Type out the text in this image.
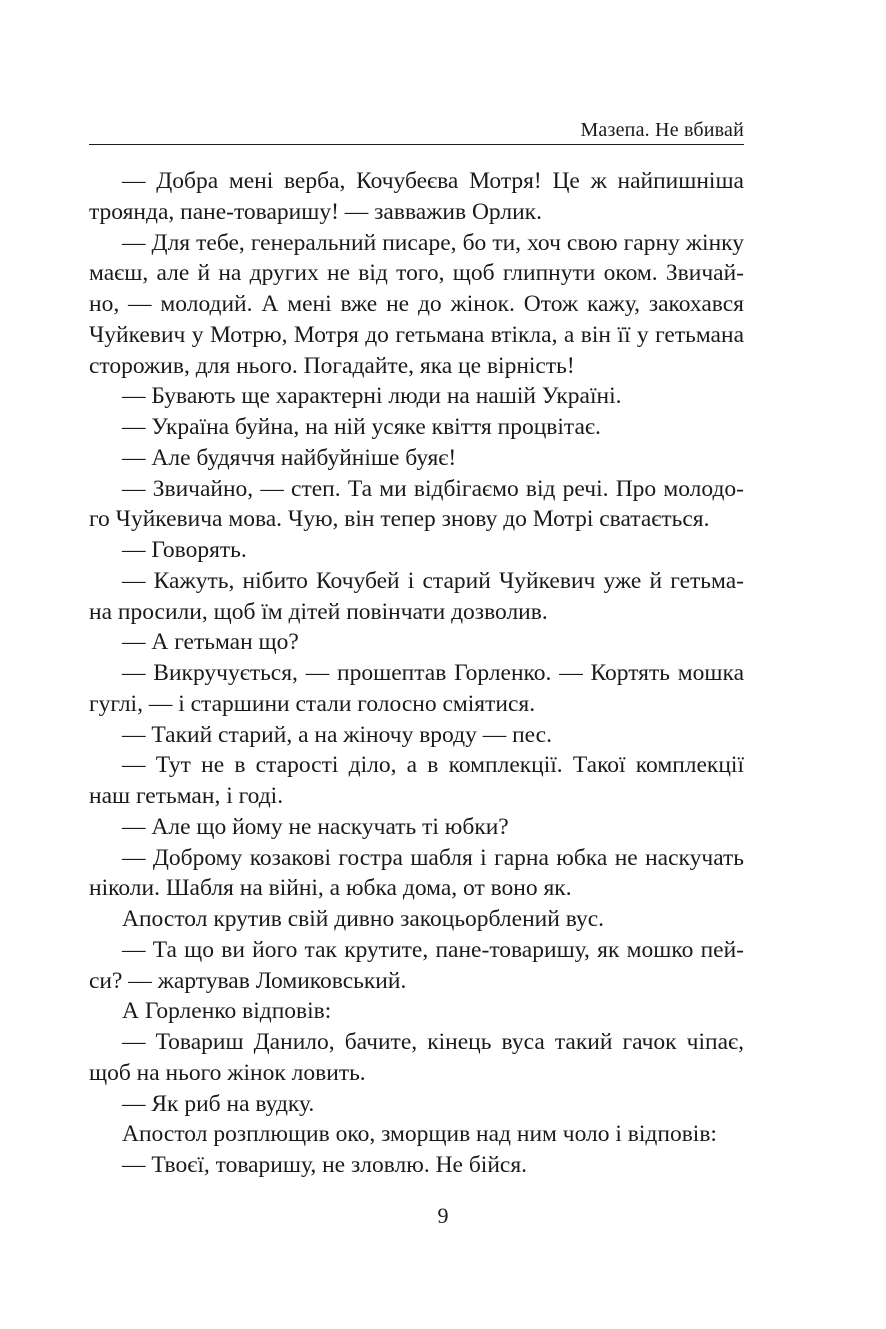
Мазепа. Не вбивай
— Добра мені верба, Кочубеєва Мотря! Це ж найпишніша
троянда, пане-товаришу! — завважив Орлик.
— Для тебе, генеральний писаре, бо ти, хоч свою гарну жінку
маєш, але й на других не від того, щоб глипнути оком. Звичай-
но, — молодий. А мені вже не до жінок. Отож кажу, закохався
Чуйкевич у Мотрю, Мотря до гетьмана втікла, а він її у гетьмана
сторожив, для нього. Погадайте, яка це вірність!
— Бувають ще характерні люди на нашій Україні.
— Україна буйна, на ній усяке квіття процвітає.
— Але будяччя найбуйніше буяє!
— Звичайно, — степ. Та ми відбігаємо від речі. Про молодо-
го Чуйкевича мова. Чую, він тепер знову до Мотрі сватається.
— Говорять.
— Кажуть, нібито Кочубей і старий Чуйкевич уже й гетьма-
на просили, щоб їм дітей повінчати дозволив.
— А гетьман що?
— Викручується, — прошептав Горленко. — Кортять мошка
гуглі, — і старшини стали голосно сміятися.
— Такий старий, а на жіночу вроду — пес.
— Тут не в старості діло, а в комплекції. Такої комплекції
наш гетьман, і годі.
— Але що йому не наскучать ті юбки?
— Доброму козакові гостра шабля і гарна юбка не наскучать
ніколи. Шабля на війні, а юбка дома, от воно як.
Апостол крутив свій дивно закоцьорблений вус.
— Та що ви його так крутите, пане-товаришу, як мошко пей-
си? — жартував Ломиковський.
А Горленко відповів:
— Товариш Данило, бачите, кінець вуса такий гачок чіпає,
щоб на нього жінок ловить.
— Як риб на вудку.
Апостол розплющив око, зморщив над ним чоло і відповів:
— Твоєї, товаришу, не зловлю. Не бійся.
9
